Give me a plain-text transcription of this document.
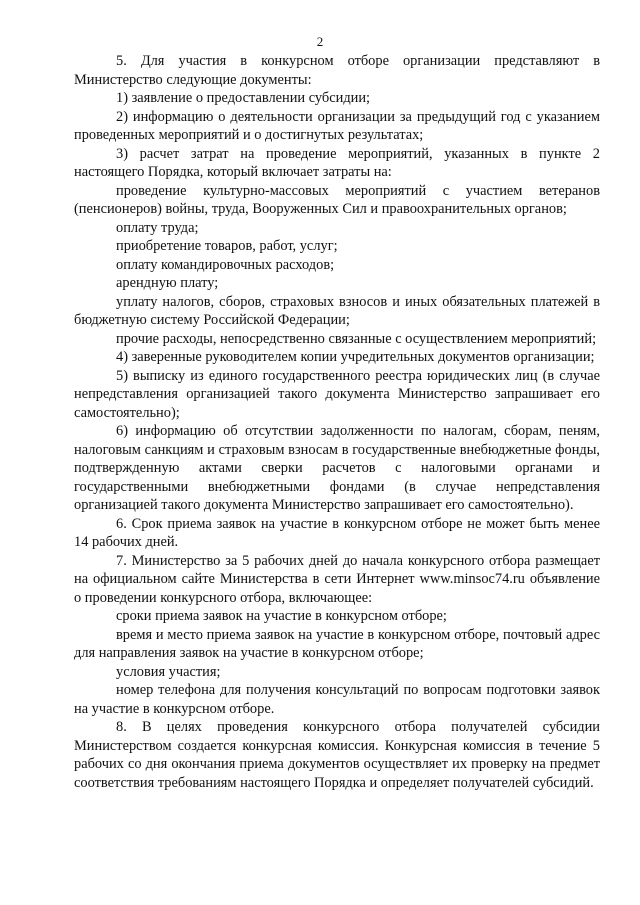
2

5. Для участия в конкурсном отборе организации представляют в Министерство следующие документы:

1) заявление о предоставлении субсидии;

2) информацию о деятельности организации за предыдущий год с указанием проведенных мероприятий и о достигнутых результатах;

3) расчет затрат на проведение мероприятий, указанных в пункте 2 настоящего Порядка, который включает затраты на:

проведение культурно-массовых мероприятий с участием ветеранов (пенсионеров) войны, труда, Вооруженных Сил и правоохранительных органов;

оплату труда;

приобретение товаров, работ, услуг;

оплату командировочных расходов;

арендную плату;

уплату налогов, сборов, страховых взносов и иных обязательных платежей в бюджетную систему Российской Федерации;

прочие расходы, непосредственно связанные с осуществлением мероприятий;

4) заверенные руководителем копии учредительных документов организации;

5) выписку из единого государственного реестра юридических лиц (в случае непредставления организацией такого документа Министерство запрашивает его самостоятельно);

6) информацию об отсутствии задолженности по налогам, сборам, пеням, налоговым санкциям и страховым взносам в государственные внебюджетные фонды, подтвержденную актами сверки расчетов с налоговыми органами и государственными внебюджетными фондами (в случае непредставления организацией такого документа Министерство запрашивает его самостоятельно).

6. Срок приема заявок на участие в конкурсном отборе не может быть менее 14 рабочих дней.

7. Министерство за 5 рабочих дней до начала конкурсного отбора размещает на официальном сайте Министерства в сети Интернет www.minsoc74.ru объявление о проведении конкурсного отбора, включающее:

сроки приема заявок на участие в конкурсном отборе;

время и место приема заявок на участие в конкурсном отборе, почтовый адрес для направления заявок на участие в конкурсном отборе;

условия участия;

номер телефона для получения консультаций по вопросам подготовки заявок на участие в конкурсном отборе.

8. В целях проведения конкурсного отбора получателей субсидии Министерством создается конкурсная комиссия. Конкурсная комиссия в течение 5 рабочих со дня окончания приема документов осуществляет их проверку на предмет соответствия требованиям настоящего Порядка и определяет получателей субсидий.
